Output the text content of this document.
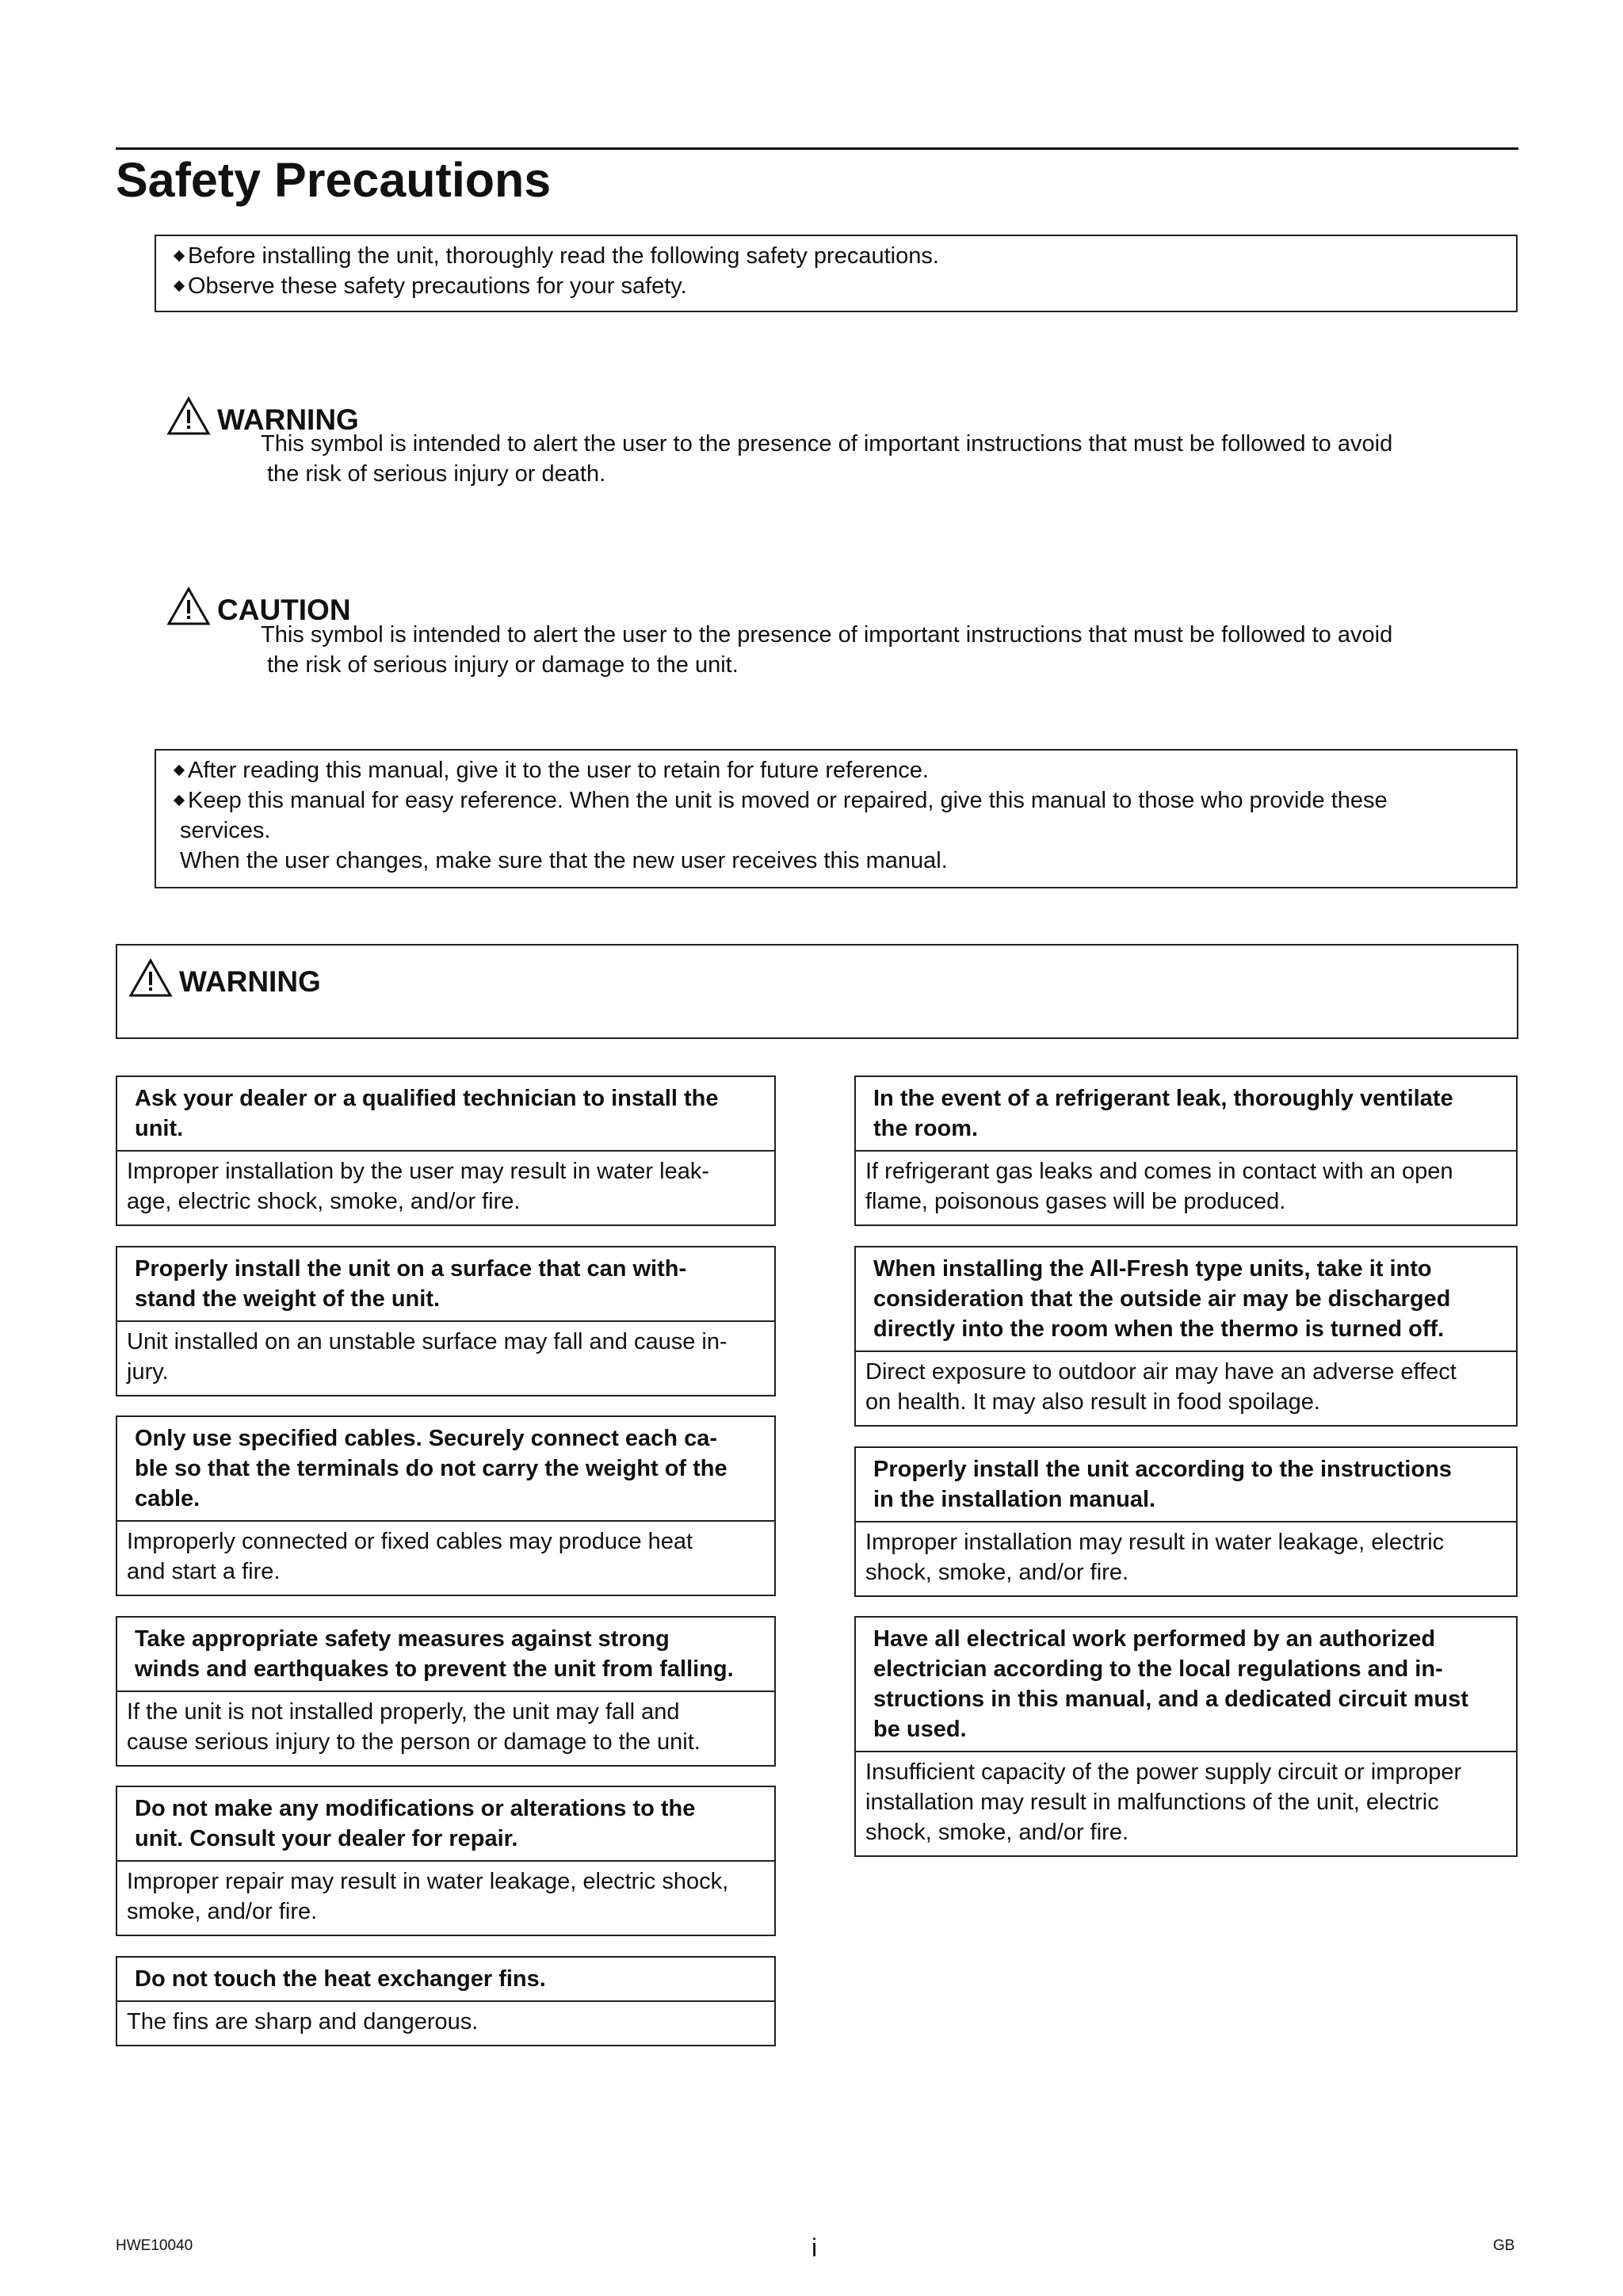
Safety Precautions
Before installing the unit, thoroughly read the following safety precautions.
Observe these safety precautions for your safety.
WARNING
This symbol is intended to alert the user to the presence of important instructions that must be followed to avoid
the risk of serious injury or death.
CAUTION
This symbol is intended to alert the user to the presence of important instructions that must be followed to avoid
the risk of serious injury or damage to the unit.
After reading this manual, give it to the user to retain for future reference.
Keep this manual for easy reference. When the unit is moved or repaired, give this manual to those who provide these
services.
When the user changes, make sure that the new user receives this manual.
WARNING
Ask your dealer or a qualified technician to install the
unit.
Improper installation by the user may result in water leak-
age, electric shock, smoke, and/or fire.
Properly install the unit on a surface that can with-
stand the weight of the unit.
Unit installed on an unstable surface may fall and cause in-
jury.
Only use specified cables. Securely connect each ca-
ble so that the terminals do not carry the weight of the
cable.
Improperly connected or fixed cables may produce heat
and start a fire.
Take appropriate safety measures against strong
winds and earthquakes to prevent the unit from falling.
If the unit is not installed properly, the unit may fall and
cause serious injury to the person or damage to the unit.
Do not make any modifications or alterations to the
unit. Consult your dealer for repair.
Improper repair may result in water leakage, electric shock,
smoke, and/or fire.
Do not touch the heat exchanger fins.
The fins are sharp and dangerous.
In the event of a refrigerant leak, thoroughly ventilate
the room.
If refrigerant gas leaks and comes in contact with an open
flame, poisonous gases will be produced.
When installing the All-Fresh type units, take it into
consideration that the outside air may be discharged
directly into the room when the thermo is turned off.
Direct exposure to outdoor air may have an adverse effect
on health. It may also result in food spoilage.
Properly install the unit according to the instructions
in the installation manual.
Improper installation may result in water leakage, electric
shock, smoke, and/or fire.
Have all electrical work performed by an authorized
electrician according to the local regulations and in-
structions in this manual, and a dedicated circuit must
be used.
Insufficient capacity of the power supply circuit or improper
installation may result in malfunctions of the unit, electric
shock, smoke, and/or fire.
HWE10040	i	GB
